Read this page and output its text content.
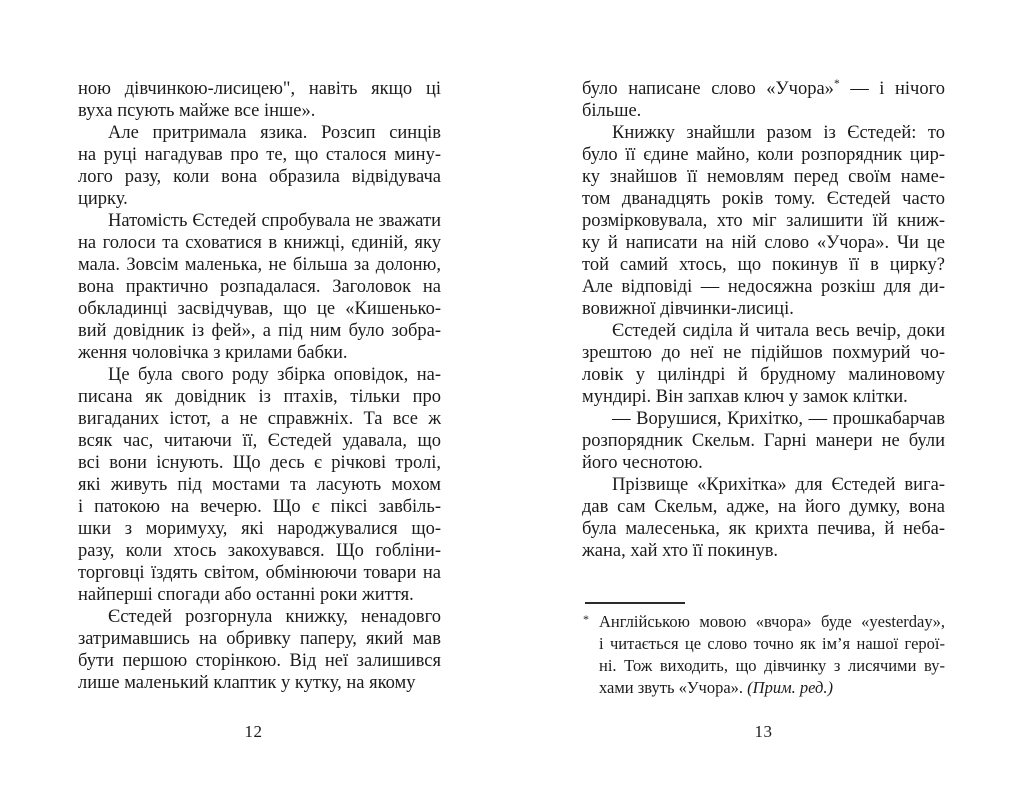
ною дівчинкою-лисицею", навіть якщо ці
вуха псують майже все інше».
Але притримала язика. Розсип синців
на руці нагадував про те, що сталося мину-
лого разу, коли вона образила відвідувача
цирку.
Натомість Єстедей спробувала не зважати
на голоси та сховатися в книжці, єдиній, яку
мала. Зовсім маленька, не більша за долоню,
вона практично розпадалася. Заголовок на
обкладинці засвідчував, що це «Кишенько-
вий довідник із фей», а під ним було зобра-
ження чоловічка з крилами бабки.
Це була свого роду збірка оповідок, на-
писана як довідник із птахів, тільки про
вигаданих істот, а не справжніх. Та все ж
всяк час, читаючи її, Єстедей удавала, що
всі вони існують. Що десь є річкові тролі,
які живуть під мостами та ласують мохом
і патокою на вечерю. Що є піксі завбіль-
шки з моримуху, які народжувалися що-
разу, коли хтось закохувався. Що гобліни-
торговці їздять світом, обмінюючи товари на
найперші спогади або останні роки життя.
Єстедей розгорнула книжку, ненадовго
затримавшись на обривку паперу, який мав
бути першою сторінкою. Від неї залишився
лише маленький клаптик у кутку, на якому
було написане слово «Учора»* — і нічого
більше.
Книжку знайшли разом із Єстедей: то
було її єдине майно, коли розпорядник цир-
ку знайшов її немовлям перед своїм наме-
том дванадцять років тому. Єстедей часто
розмірковувала, хто міг залишити їй книж-
ку й написати на ній слово «Учора». Чи це
той самий хтось, що покинув її в цирку?
Але відповіді — недосяжна розкіш для ди-
вовижної дівчинки-лисиці.
Єстедей сиділа й читала весь вечір, доки
зрештою до неї не підійшов похмурий чо-
ловік у циліндрі й брудному малиновому
мундирі. Він запхав ключ у замок клітки.
— Ворушися, Крихітко, — прошкабарчав
розпорядник Скельм. Гарні манери не були
його чеснотою.
Прізвище «Крихітка» для Єстедей вига-
дав сам Скельм, адже, на його думку, вона
була малесенька, як крихта печива, й неба-
жана, хай хто її покинув.
* Англійською мовою «вчора» буде «yesterday»,
і читається це слово точно як ім’я нашої герої-
ні. Тож виходить, що дівчинку з лисячими ву-
хами звуть «Учора». (Прим. ред.)
12	13
